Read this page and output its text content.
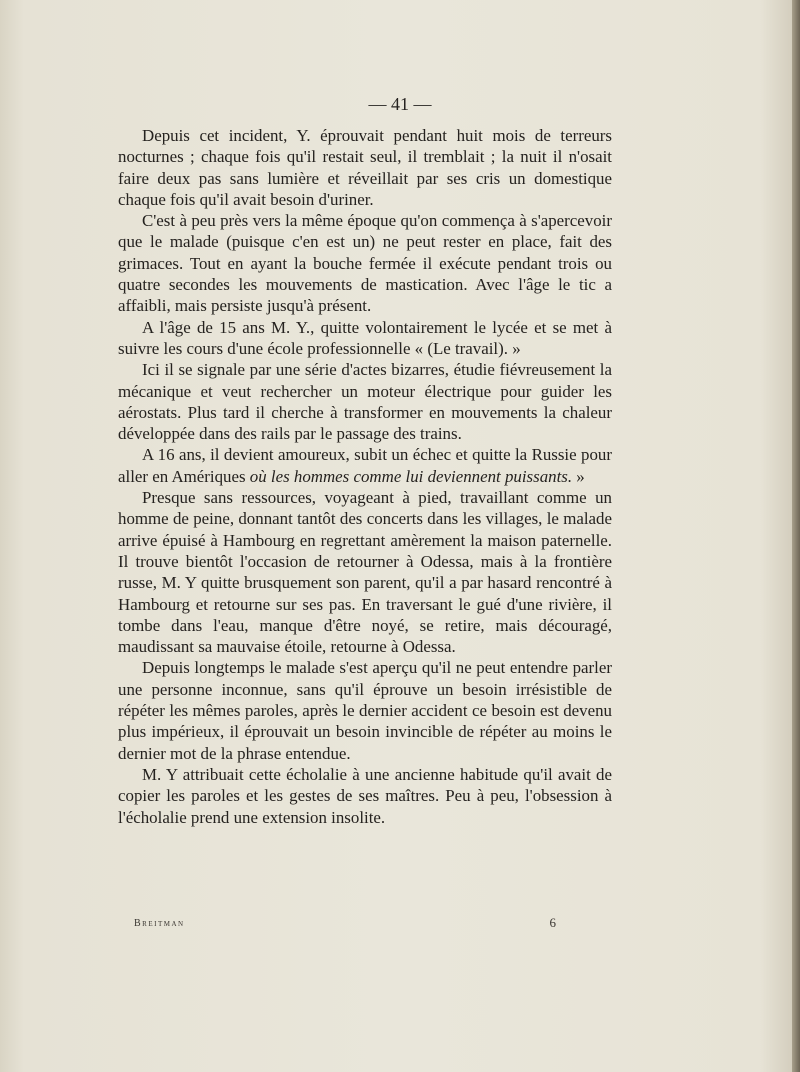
— 41 —

Depuis cet incident, Y. éprouvait pendant huit mois de terreurs nocturnes ; chaque fois qu'il restait seul, il tremblait ; la nuit il n'osait faire deux pas sans lumière et réveillait par ses cris un domestique chaque fois qu'il avait besoin d'uriner.

C'est à peu près vers la même époque qu'on commença à s'apercevoir que le malade (puisque c'en est un) ne peut rester en place, fait des grimaces. Tout en ayant la bouche fermée il exécute pendant trois ou quatre secondes les mouvements de mastication. Avec l'âge le tic a affaibli, mais persiste jusqu'à présent.

A l'âge de 15 ans M. Y., quitte volontairement le lycée et se met à suivre les cours d'une école professionnelle « (Le travail). »

Ici il se signale par une série d'actes bizarres, étudie fiévreusement la mécanique et veut rechercher un moteur électrique pour guider les aérostats. Plus tard il cherche à transformer en mouvements la chaleur développée dans des rails par le passage des trains.

A 16 ans, il devient amoureux, subit un échec et quitte la Russie pour aller en Amériques où les hommes comme lui deviennent puissants. »

Presque sans ressources, voyageant à pied, travaillant comme un homme de peine, donnant tantôt des concerts dans les villages, le malade arrive épuisé à Hambourg en regrettant amèrement la maison paternelle. Il trouve bientôt l'occasion de retourner à Odessa, mais à la frontière russe, M. Y quitte brusquement son parent, qu'il a par hasard rencontré à Hambourg et retourne sur ses pas. En traversant le gué d'une rivière, il tombe dans l'eau, manque d'être noyé, se retire, mais découragé, maudissant sa mauvaise étoile, retourne à Odessa.

Depuis longtemps le malade s'est aperçu qu'il ne peut entendre parler une personne inconnue, sans qu'il éprouve un besoin irrésistible de répéter les mêmes paroles, après le dernier accident ce besoin est devenu plus impérieux, il éprouvait un besoin invincible de répéter au moins le dernier mot de la phrase entendue.

M. Y attribuait cette écholalie à une ancienne habitude qu'il avait de copier les paroles et les gestes de ses maîtres. Peu à peu, l'obsession à l'écholalie prend une extension insolite.

Breitman	6
